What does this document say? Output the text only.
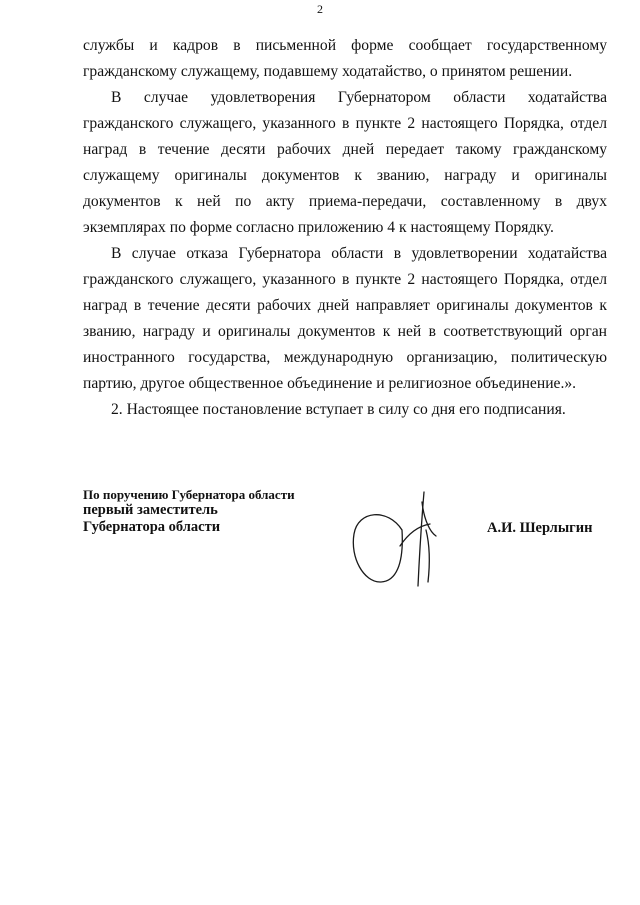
2

службы и кадров в письменной форме сообщает государственному гражданскому служащему, подавшему ходатайство, о принятом решении.

В случае удовлетворения Губернатором области ходатайства гражданского служащего, указанного в пункте 2 настоящего Порядка, отдел наград в течение десяти рабочих дней передает такому гражданскому служащему оригиналы документов к званию, награду и оригиналы документов к ней по акту приема-передачи, составленному в двух экземплярах по форме согласно приложению 4 к настоящему Порядку.

В случае отказа Губернатора области в удовлетворении ходатайства гражданского служащего, указанного в пункте 2 настоящего Порядка, отдел наград в течение десяти рабочих дней направляет оригиналы документов к званию, награду и оригиналы документов к ней в соответствующий орган иностранного государства, международную организацию, политическую партию, другое общественное объединение и религиозное объединение.».

2. Настоящее постановление вступает в силу со дня его подписания.

По поручению Губернатора области
первый заместитель
Губернатора области	А.И. Шерлыгин
